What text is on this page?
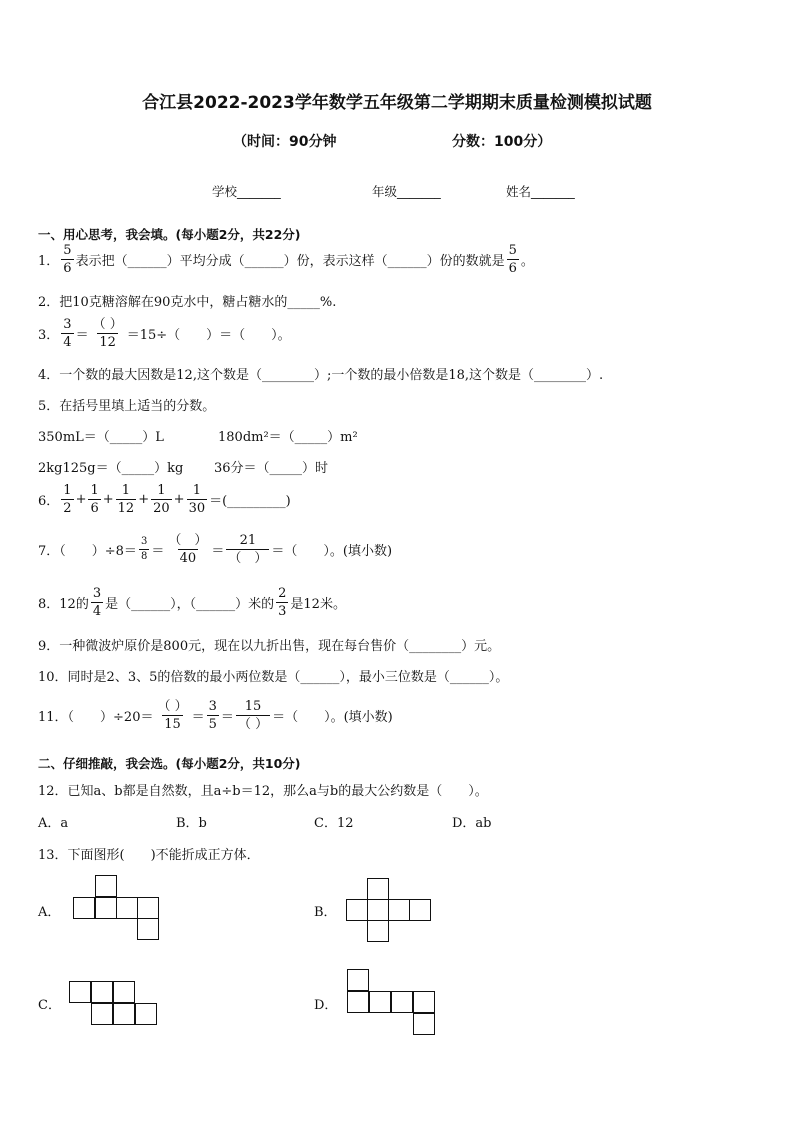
合江县2022-2023学年数学五年级第二学期期末质量检测模拟试题
（时间：90分钟	分数：100分）
学校_______	年级_______	姓名_______
一、用心思考，我会填。(每小题2分，共22分)
1． $\frac{5}{6}$ 表示把（______）平均分成（______）份，表示这样（______）份的数就是 $\frac{5}{6}$ 。
2．把10克糖溶解在90克水中，糖占糖水的_____%.
3． $\frac{3}{4} = \frac{( )}{12} =15\div$（　　）＝（　　）。
4．一个数的最大因数是12,这个数是（________）;一个数的最小倍数是18,这个数是（________）.
5．在括号里填上适当的分数。
350mL＝（_____）L	180dm²＝（_____）m²
2kg125g＝（_____）kg 36分＝（_____）时
6． $\frac{1}{2} + \frac{1}{6} + \frac{1}{12} + \frac{1}{20} + \frac{1}{30}$ ＝(_________)
7．（　　）$\div 8= \frac{3}{8} = \frac{( )}{40} = \frac{21}{( )}$ ＝（　　）。(填小数)
8．12的 $\frac{3}{4}$ 是（______），（______）米的 $\frac{2}{3}$ 是12米。
9．一种微波炉原价是800元，现在以九折出售，现在每台售价（________）元。
10．同时是2、3、5的倍数的最小两位数是（______），最小三位数是（______）。
11．（　　）$\div 20= \frac{( )}{15} = \frac{3}{5} = \frac{15}{( )}$ ＝（　　）。(填小数)
二、仔细推敲，我会选。(每小题2分，共10分)
12．已知a、b都是自然数，且a÷b＝12，那么a与b的最大公约数是（　　）。
A．a	B．b	C．12	D．ab
13．下面图形(　　)不能折成正方体．
A．	B．
C．	D．
